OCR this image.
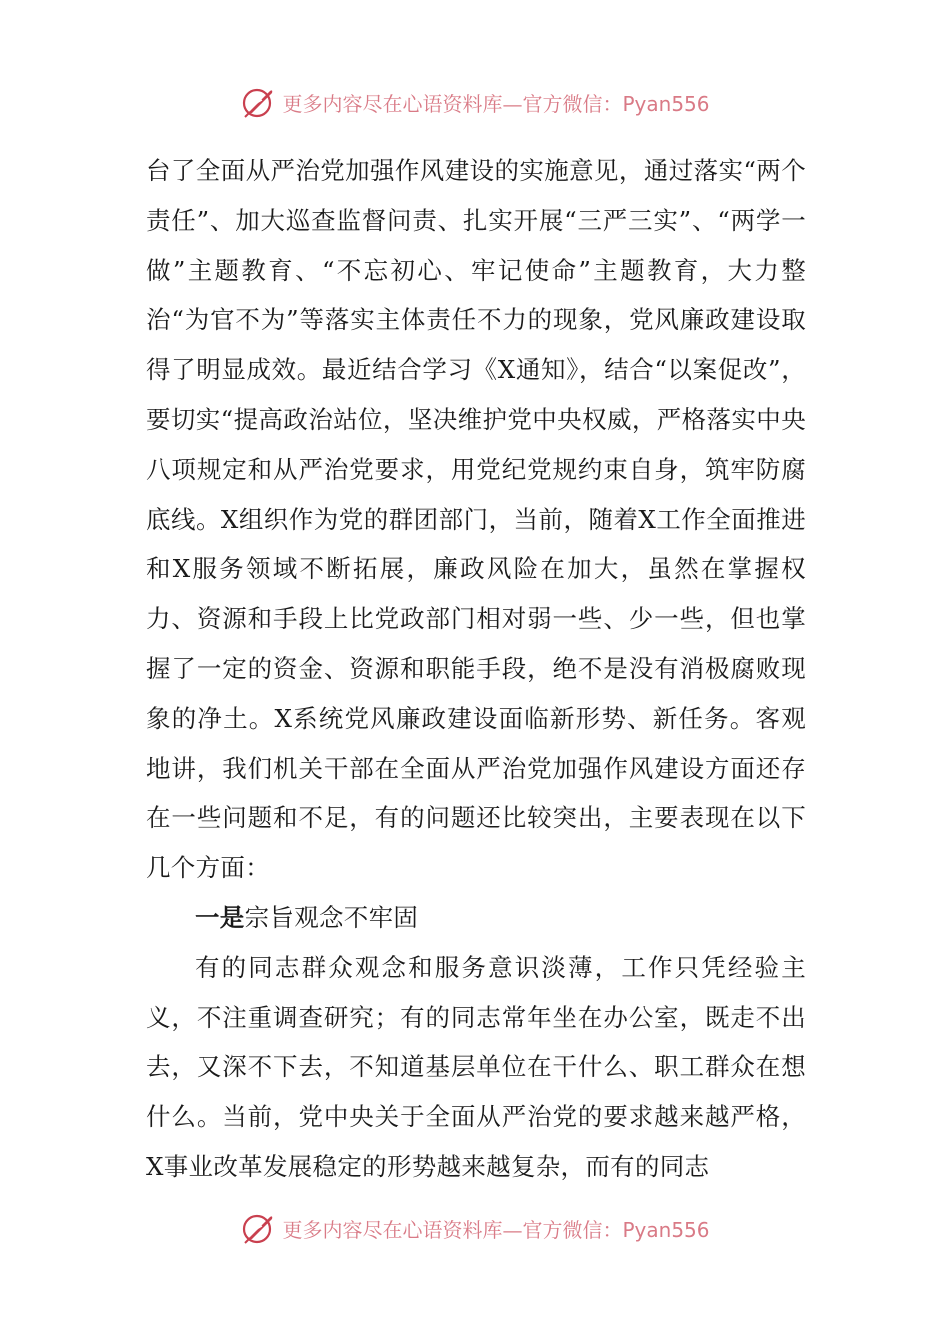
更多内容尽在心语资料库—官方微信：Pyan556

台了全面从严治党加强作风建设的实施意见，通过落实“两个责任”、加大巡查监督问责、扎实开展“三严三实”、“两学一做”主题教育、“不忘初心、牢记使命”主题教育，大力整治“为官不为”等落实主体责任不力的现象，党风廉政建设取得了明显成效。最近结合学习《X通知》，结合“以案促改”，要切实“提高政治站位，坚决维护党中央权威，严格落实中央八项规定和从严治党要求，用党纪党规约束自身，筑牢防腐底线。X组织作为党的群团部门，当前，随着X工作全面推进和X服务领域不断拓展，廉政风险在加大，虽然在掌握权力、资源和手段上比党政部门相对弱一些、少一些，但也掌握了一定的资金、资源和职能手段，绝不是没有消极腐败现象的净土。X系统党风廉政建设面临新形势、新任务。客观地讲，我们机关干部在全面从严治党加强作风建设方面还存在一些问题和不足，有的问题还比较突出，主要表现在以下几个方面：

一是宗旨观念不牢固

有的同志群众观念和服务意识淡薄，工作只凭经验主义，不注重调查研究；有的同志常年坐在办公室，既走不出去，又深不下去，不知道基层单位在干什么、职工群众在想什么。当前，党中央关于全面从严治党的要求越来越严格，X事业改革发展稳定的形势越来越复杂，而有的同志

更多内容尽在心语资料库—官方微信：Pyan556
